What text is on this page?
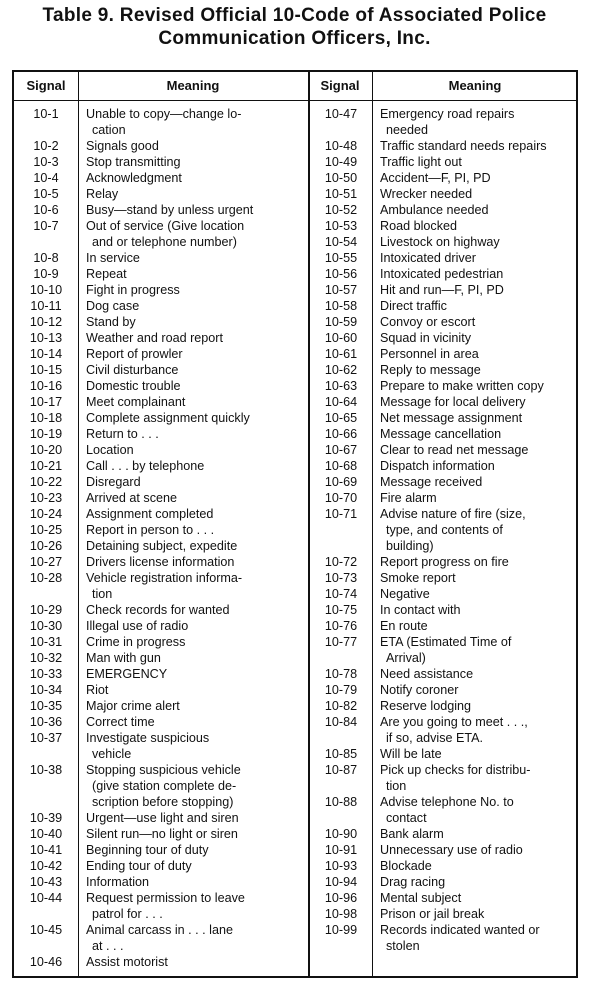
Table 9. Revised Official 10-Code of Associated Police
Communication Officers, Inc.
Signal	Meaning	Signal	Meaning
10-1	Unable to copy—change lo-
cation
10-2	Signals good
10-3	Stop transmitting
10-4	Acknowledgment
10-5	Relay
10-6	Busy—stand by unless urgent
10-7	Out of service (Give location
and or telephone number)
10-8	In service
10-9	Repeat
10-10	Fight in progress
10-11	Dog case
10-12	Stand by
10-13	Weather and road report
10-14	Report of prowler
10-15	Civil disturbance
10-16	Domestic trouble
10-17	Meet complainant
10-18	Complete assignment quickly
10-19	Return to . . .
10-20	Location
10-21	Call . . . by telephone
10-22	Disregard
10-23	Arrived at scene
10-24	Assignment completed
10-25	Report in person to . . .
10-26	Detaining subject, expedite
10-27	Drivers license information
10-28	Vehicle registration informa-
tion
10-29	Check records for wanted
10-30	Illegal use of radio
10-31	Crime in progress
10-32	Man with gun
10-33	EMERGENCY
10-34	Riot
10-35	Major crime alert
10-36	Correct time
10-37	Investigate suspicious
vehicle
10-38	Stopping suspicious vehicle
(give station complete de-
scription before stopping)
10-39	Urgent—use light and siren
10-40	Silent run—no light or siren
10-41	Beginning tour of duty
10-42	Ending tour of duty
10-43	Information
10-44	Request permission to leave
patrol for . . .
10-45	Animal carcass in . . . lane
at . . .
10-46	Assist motorist
10-47	Emergency road repairs
needed
10-48	Traffic standard needs repairs
10-49	Traffic light out
10-50	Accident—F, PI, PD
10-51	Wrecker needed
10-52	Ambulance needed
10-53	Road blocked
10-54	Livestock on highway
10-55	Intoxicated driver
10-56	Intoxicated pedestrian
10-57	Hit and run—F, PI, PD
10-58	Direct traffic
10-59	Convoy or escort
10-60	Squad in vicinity
10-61	Personnel in area
10-62	Reply to message
10-63	Prepare to make written copy
10-64	Message for local delivery
10-65	Net message assignment
10-66	Message cancellation
10-67	Clear to read net message
10-68	Dispatch information
10-69	Message received
10-70	Fire alarm
10-71	Advise nature of fire (size,
type, and contents of
building)
10-72	Report progress on fire
10-73	Smoke report
10-74	Negative
10-75	In contact with
10-76	En route
10-77	ETA (Estimated Time of
Arrival)
10-78	Need assistance
10-79	Notify coroner
10-82	Reserve lodging
10-84	Are you going to meet . . .,
if so, advise ETA.
10-85	Will be late
10-87	Pick up checks for distribu-
tion
10-88	Advise telephone No. to
contact
10-90	Bank alarm
10-91	Unnecessary use of radio
10-93	Blockade
10-94	Drag racing
10-96	Mental subject
10-98	Prison or jail break
10-99	Records indicated wanted or
stolen
